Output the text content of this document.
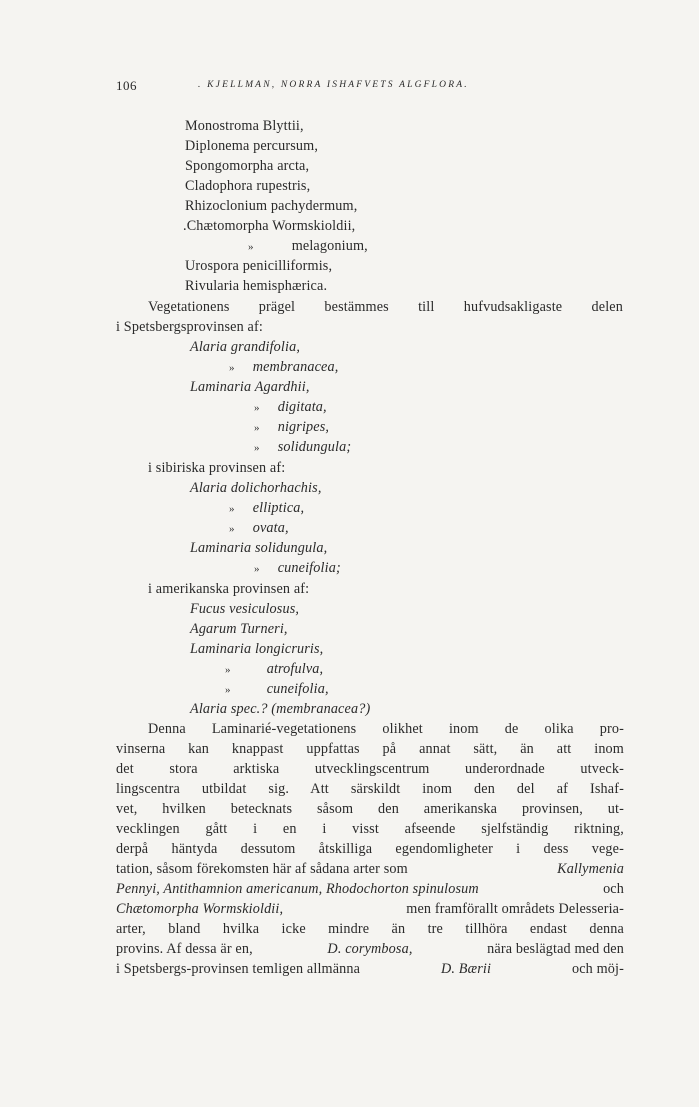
106	. KJELLMAN, NORRA ISHAFVETS ALGFLORA.
Monostroma Blyttii,
Diplonema percursum,
Spongomorpha arcta,
Cladophora rupestris,
Rhizoclonium pachydermum,
.Chætomorpha Wormskioldii,
»	melagonium,
Urospora penicilliformis,
Rivularia hemisphærica.
Vegetationens prägel bestämmes till hufvudsakligaste delen
i Spetsbergsprovinsen af:
Alaria grandifolia,
» membranacea,
Laminaria Agardhii,
» digitata,
» nigripes,
» solidungula;
i sibiriska provinsen af:
Alaria dolichorhachis,
» elliptica,
» ovata,
Laminaria solidungula,
» cuneifolia;
i amerikanska provinsen af:
Fucus vesiculosus,
Agarum Turneri,
Laminaria longicruris,
»	atrofulva,
»	cuneifolia,
Alaria spec.? (membranacea?)
Denna Laminarié-vegetationens olikhet inom de olika pro-
vinserna kan knappast uppfattas på annat sätt, än att inom
det stora arktiska utvecklingscentrum underordnade utveck-
lingscentra utbildat sig. Att särskildt inom den del af Ishaf-
vet, hvilken betecknats såsom den amerikanska provinsen, ut-
vecklingen gått i en i visst afseende sjelfständig riktning,
derpå häntyda dessutom åtskilliga egendomligheter i dess vege-
tation, såsom förekomsten här af sådana arter som	Kallymenia
Pennyi, Antithamnion americanum, Rhodochorton spinulosum	och
Chætomorpha Wormskioldii,	men framförallt områdets Delesseria-
arter, bland hvilka icke mindre än tre tillhöra endast denna
provins. Af dessa är en,	D. corymbosa,	nära beslägtad med den
i Spetsbergs-provinsen temligen allmänna	D. Bærii	och möj-
